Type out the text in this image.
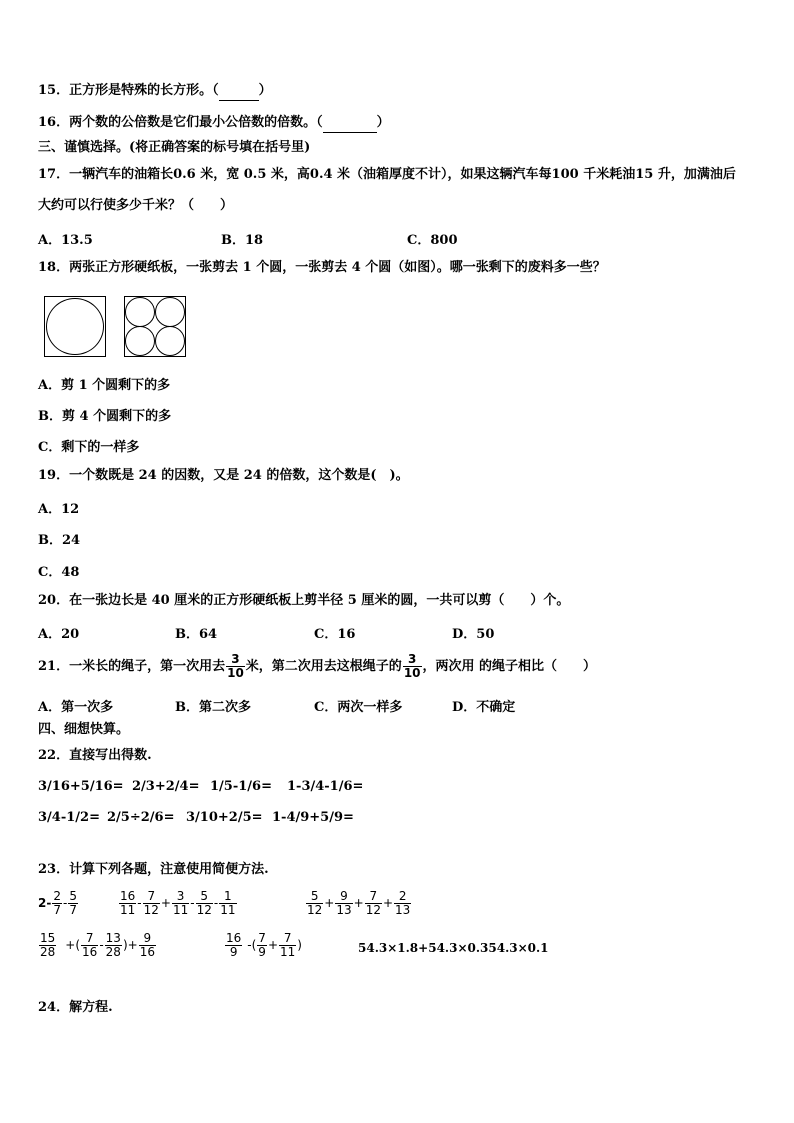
15．正方形是特殊的长方形。（	）
16．两个数的公倍数是它们最小公倍数的倍数。（	）
三、谨慎选择。(将正确答案的标号填在括号里)
17．一辆汽车的油箱长0.6 米，宽 0.5 米，高0.4 米（油箱厚度不计），如果这辆汽车每100 千米耗油15 升，加满油后
大约可以行使多少千米？（　　）
A．13.5	B．18	C．800
18．两张正方形硬纸板，一张剪去 1 个圆，一张剪去 4 个圆（如图）。哪一张剩下的废料多一些？
A．剪 1 个圆剩下的多
B．剪 4 个圆剩下的多
C．剩下的一样多
19．一个数既是 24 的因数，又是 24 的倍数，这个数是(　)。
A．12
B．24
C．48
20．在一张边长是 40 厘米的正方形硬纸板上剪半径 5 厘米的圆，一共可以剪（　　）个。
A．20	B．64	C．16	D．50
21．一米长的绳子，第一次用去 $\frac{3}{10}$ 米，第二次用去这根绳子的 $\frac{3}{10}$ ，两次用 的绳子相比（　　）
A．第一次多	B．第二次多	C．两次一样多	D．不确定
四、细想快算。
22．直接写出得数.
3/16+5/16= 2/3+2/4= 1/5-1/6= 1-3/4-1/6=
3/4-1/2= 2/5÷2/6= 3/10+2/5= 1-4/9+5/9=
23．计算下列各题，注意使用简便方法.
$2- \frac{2}{7} - \frac{5}{7}$	$\frac{16}{11} - \frac{7}{12} + \frac{3}{11} - \frac{5}{12} - \frac{1}{11}$	$\frac{5}{12} + \frac{9}{13} + \frac{7}{12} + \frac{2}{13}$
$\frac{15}{28}$ +( $\frac{7}{16} - \frac{13}{28}$ )+ $\frac{9}{16}$	$\frac{16}{9}$ -( $\frac{7}{9} + \frac{7}{11}$ )	54.3×1.8+54.3×0.354.3×0.1
24．解方程.
